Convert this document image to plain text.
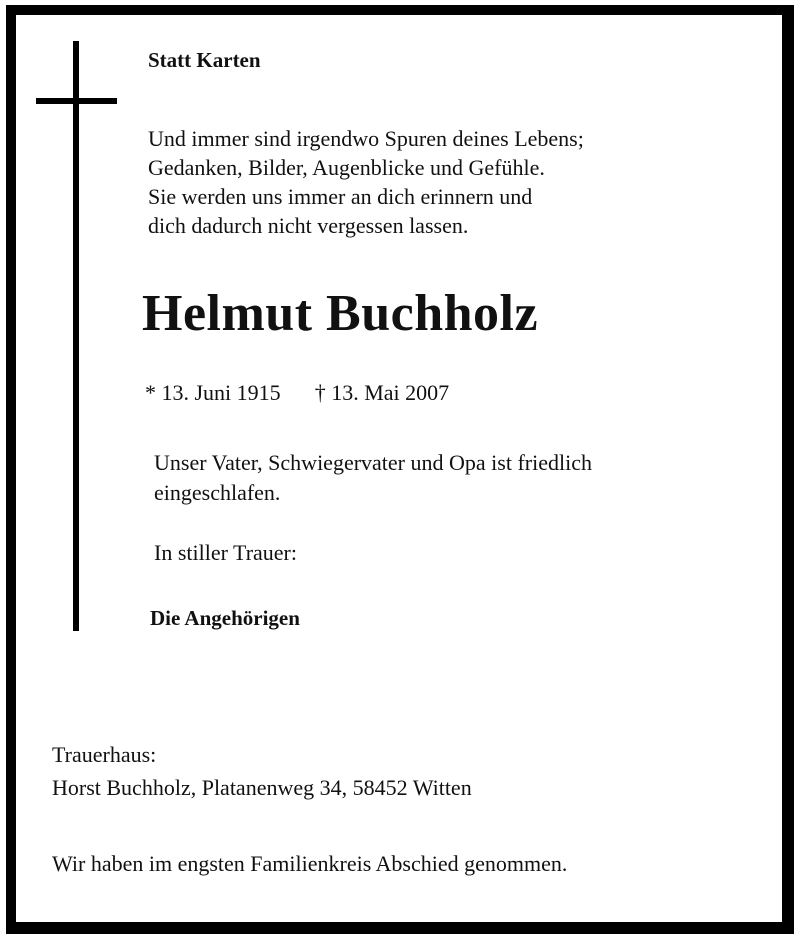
Statt Karten

Und immer sind irgendwo Spuren deines Lebens;
Gedanken, Bilder, Augenblicke und Gefühle.
Sie werden uns immer an dich erinnern und
dich dadurch nicht vergessen lassen.
Helmut Buchholz
* 13. Juni 1915 † 13. Mai 2007
Unser Vater, Schwiegervater und Opa ist friedlich
eingeschlafen.

In stiller Trauer:

Die Angehörigen

Trauerhaus:

Horst Buchholz, Platanenweg 34, 58452 Witten

Wir haben im engsten Familienkreis Abschied genommen.
